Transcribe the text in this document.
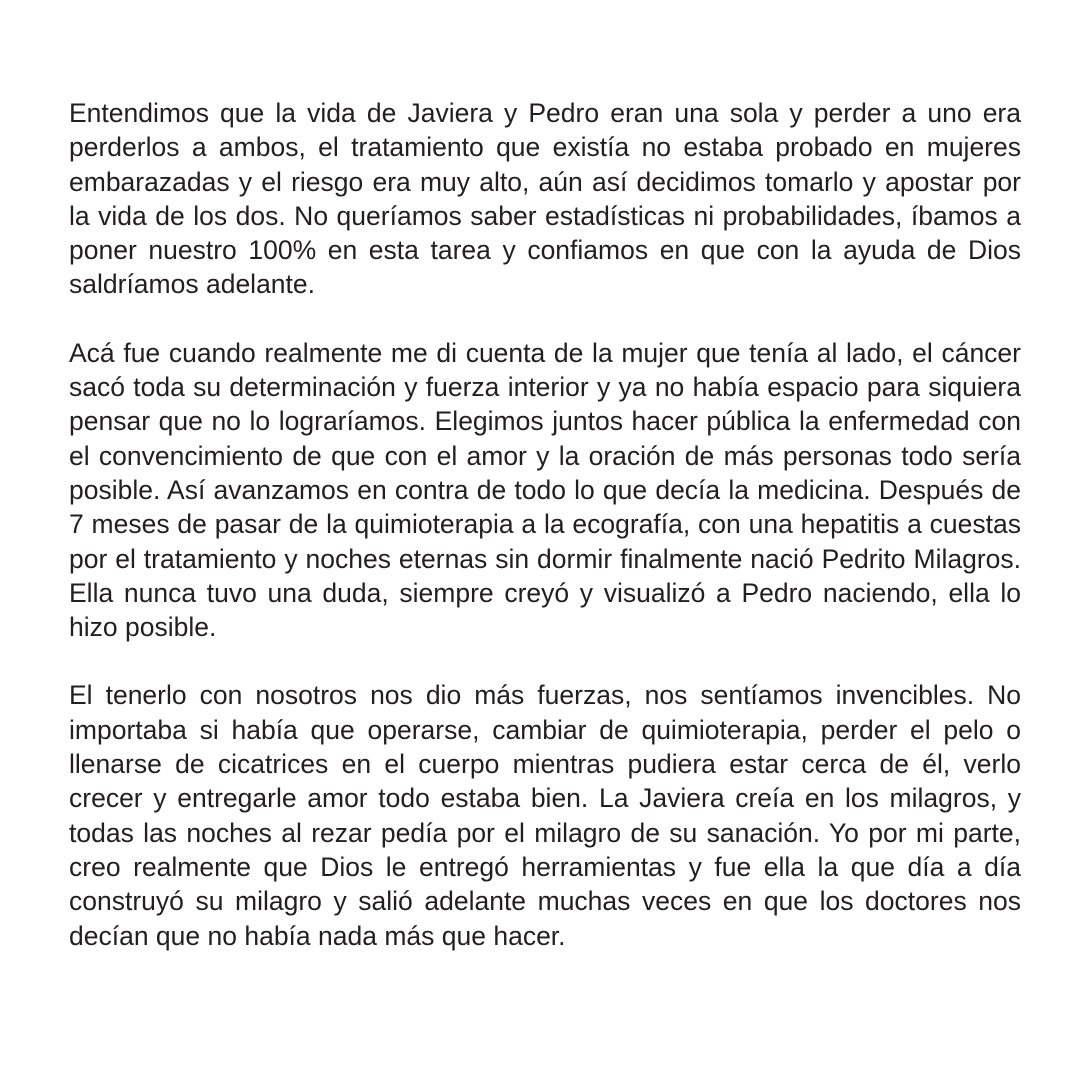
Entendimos que la vida de Javiera y Pedro eran una sola y perder a uno era perderlos a ambos, el tratamiento que existía no estaba probado en mujeres embarazadas y el riesgo era muy alto, aún así decidimos tomarlo y apostar por la vida de los dos. No queríamos saber estadísticas ni probabilidades, íbamos a poner nuestro 100% en esta tarea y confiamos en que con la ayuda de Dios saldríamos adelante.

Acá fue cuando realmente me di cuenta de la mujer que tenía al lado, el cáncer sacó toda su determinación y fuerza interior y ya no había espacio para siquiera pensar que no lo lograríamos. Elegimos juntos hacer pública la enfermedad con el convencimiento de que con el amor y la oración de más personas todo sería posible. Así avanzamos en contra de todo lo que decía la medicina. Después de 7 meses de pasar de la quimioterapia a la ecografía, con una hepatitis a cuestas por el tratamiento y noches eternas sin dormir finalmente nació Pedrito Milagros. Ella nunca tuvo una duda, siempre creyó y visualizó a Pedro naciendo, ella lo hizo posible.

El tenerlo con nosotros nos dio más fuerzas, nos sentíamos invencibles. No importaba si había que operarse, cambiar de quimioterapia, perder el pelo o llenarse de cicatrices en el cuerpo mientras pudiera estar cerca de él, verlo crecer y entregarle amor todo estaba bien. La Javiera creía en los milagros, y todas las noches al rezar pedía por el milagro de su sanación. Yo por mi parte, creo realmente que Dios le entregó herramientas y fue ella la que día a día construyó su milagro y salió adelante muchas veces en que los doctores nos decían que no había nada más que hacer.
